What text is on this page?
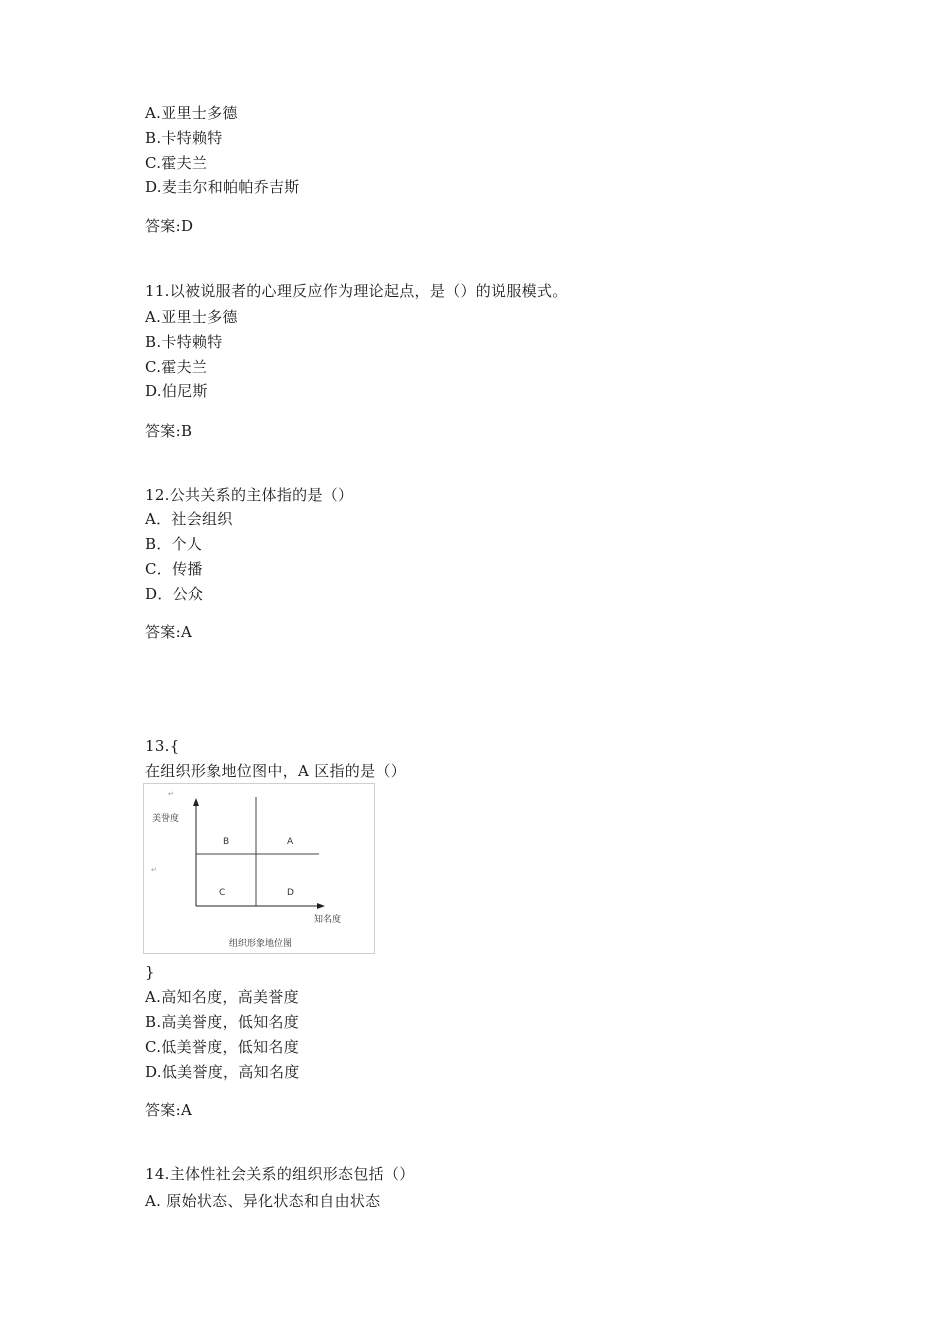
A.亚里士多德
B.卡特赖特
C.霍夫兰
D.麦圭尔和帕帕乔吉斯
答案:D
11.以被说服者的心理反应作为理论起点，是（）的说服模式。
A.亚里士多德
B.卡特赖特
C.霍夫兰
D.伯尼斯
答案:B
12.公共关系的主体指的是（）
A．社会组织
B．个人
C．传播
D．公众
答案:A
13.{
在组织形象地位图中，A 区指的是（）
↵
↵
美誉度
知名度
B	A
C	D
组织形象地位图
}
A.高知名度，高美誉度
B.高美誉度，低知名度
C.低美誉度，低知名度
D.低美誉度，高知名度
答案:A
14.主体性社会关系的组织形态包括（）
A. 原始状态、异化状态和自由状态
